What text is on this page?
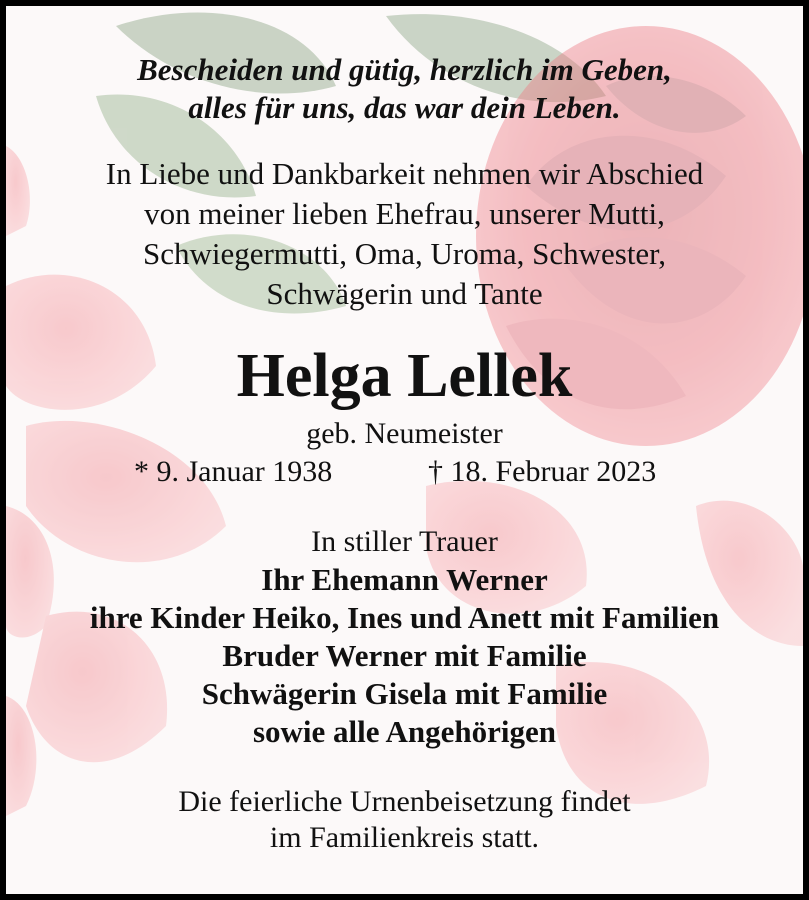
Bescheiden und gütig, herzlich im Geben,
alles für uns, das war dein Leben.
In Liebe und Dankbarkeit nehmen wir Abschied
von meiner lieben Ehefrau, unserer Mutti,
Schwiegermutti, Oma, Uroma, Schwester,
Schwägerin und Tante
Helga Lellek
geb. Neumeister
* 9. Januar 1938	† 18. Februar 2023
In stiller Trauer
Ihr Ehemann Werner
ihre Kinder Heiko, Ines und Anett mit Familien
Bruder Werner mit Familie
Schwägerin Gisela mit Familie
sowie alle Angehörigen
Die feierliche Urnenbeisetzung findet
im Familienkreis statt.
